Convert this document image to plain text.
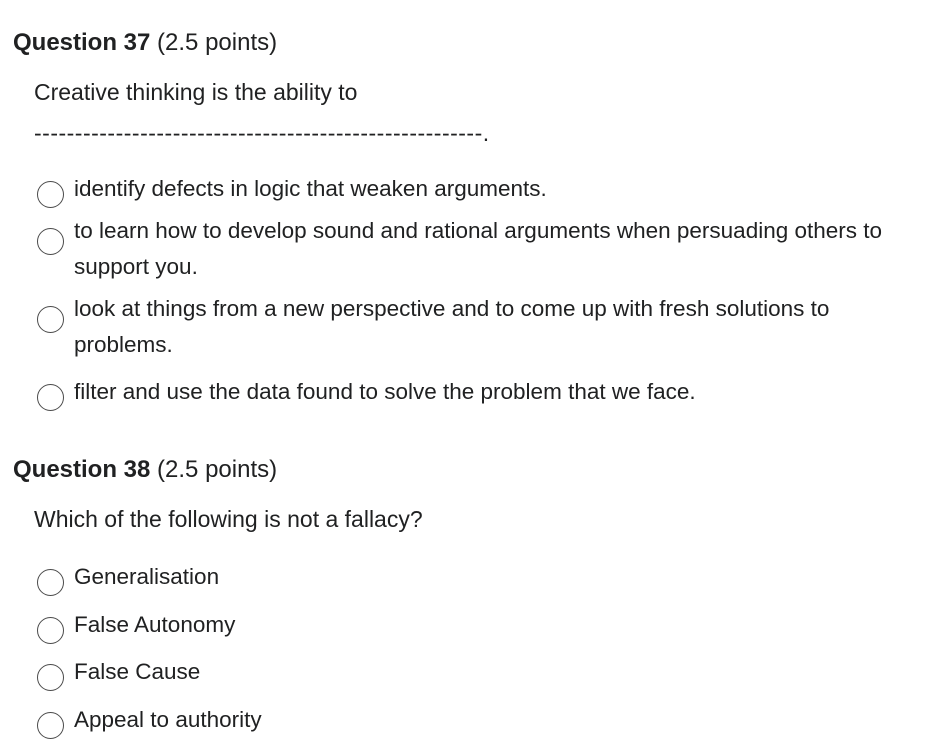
Question 37 (2.5 points)
Creative thinking is the ability to
-------------------------------------------------------.
identify defects in logic that weaken arguments.
to learn how to develop sound and rational arguments when persuading others to support you.
look at things from a new perspective and to come up with fresh solutions to problems.
filter and use the data found to solve the problem that we face.
Question 38 (2.5 points)
Which of the following is not a fallacy?
Generalisation
False Autonomy
False Cause
Appeal to authority
